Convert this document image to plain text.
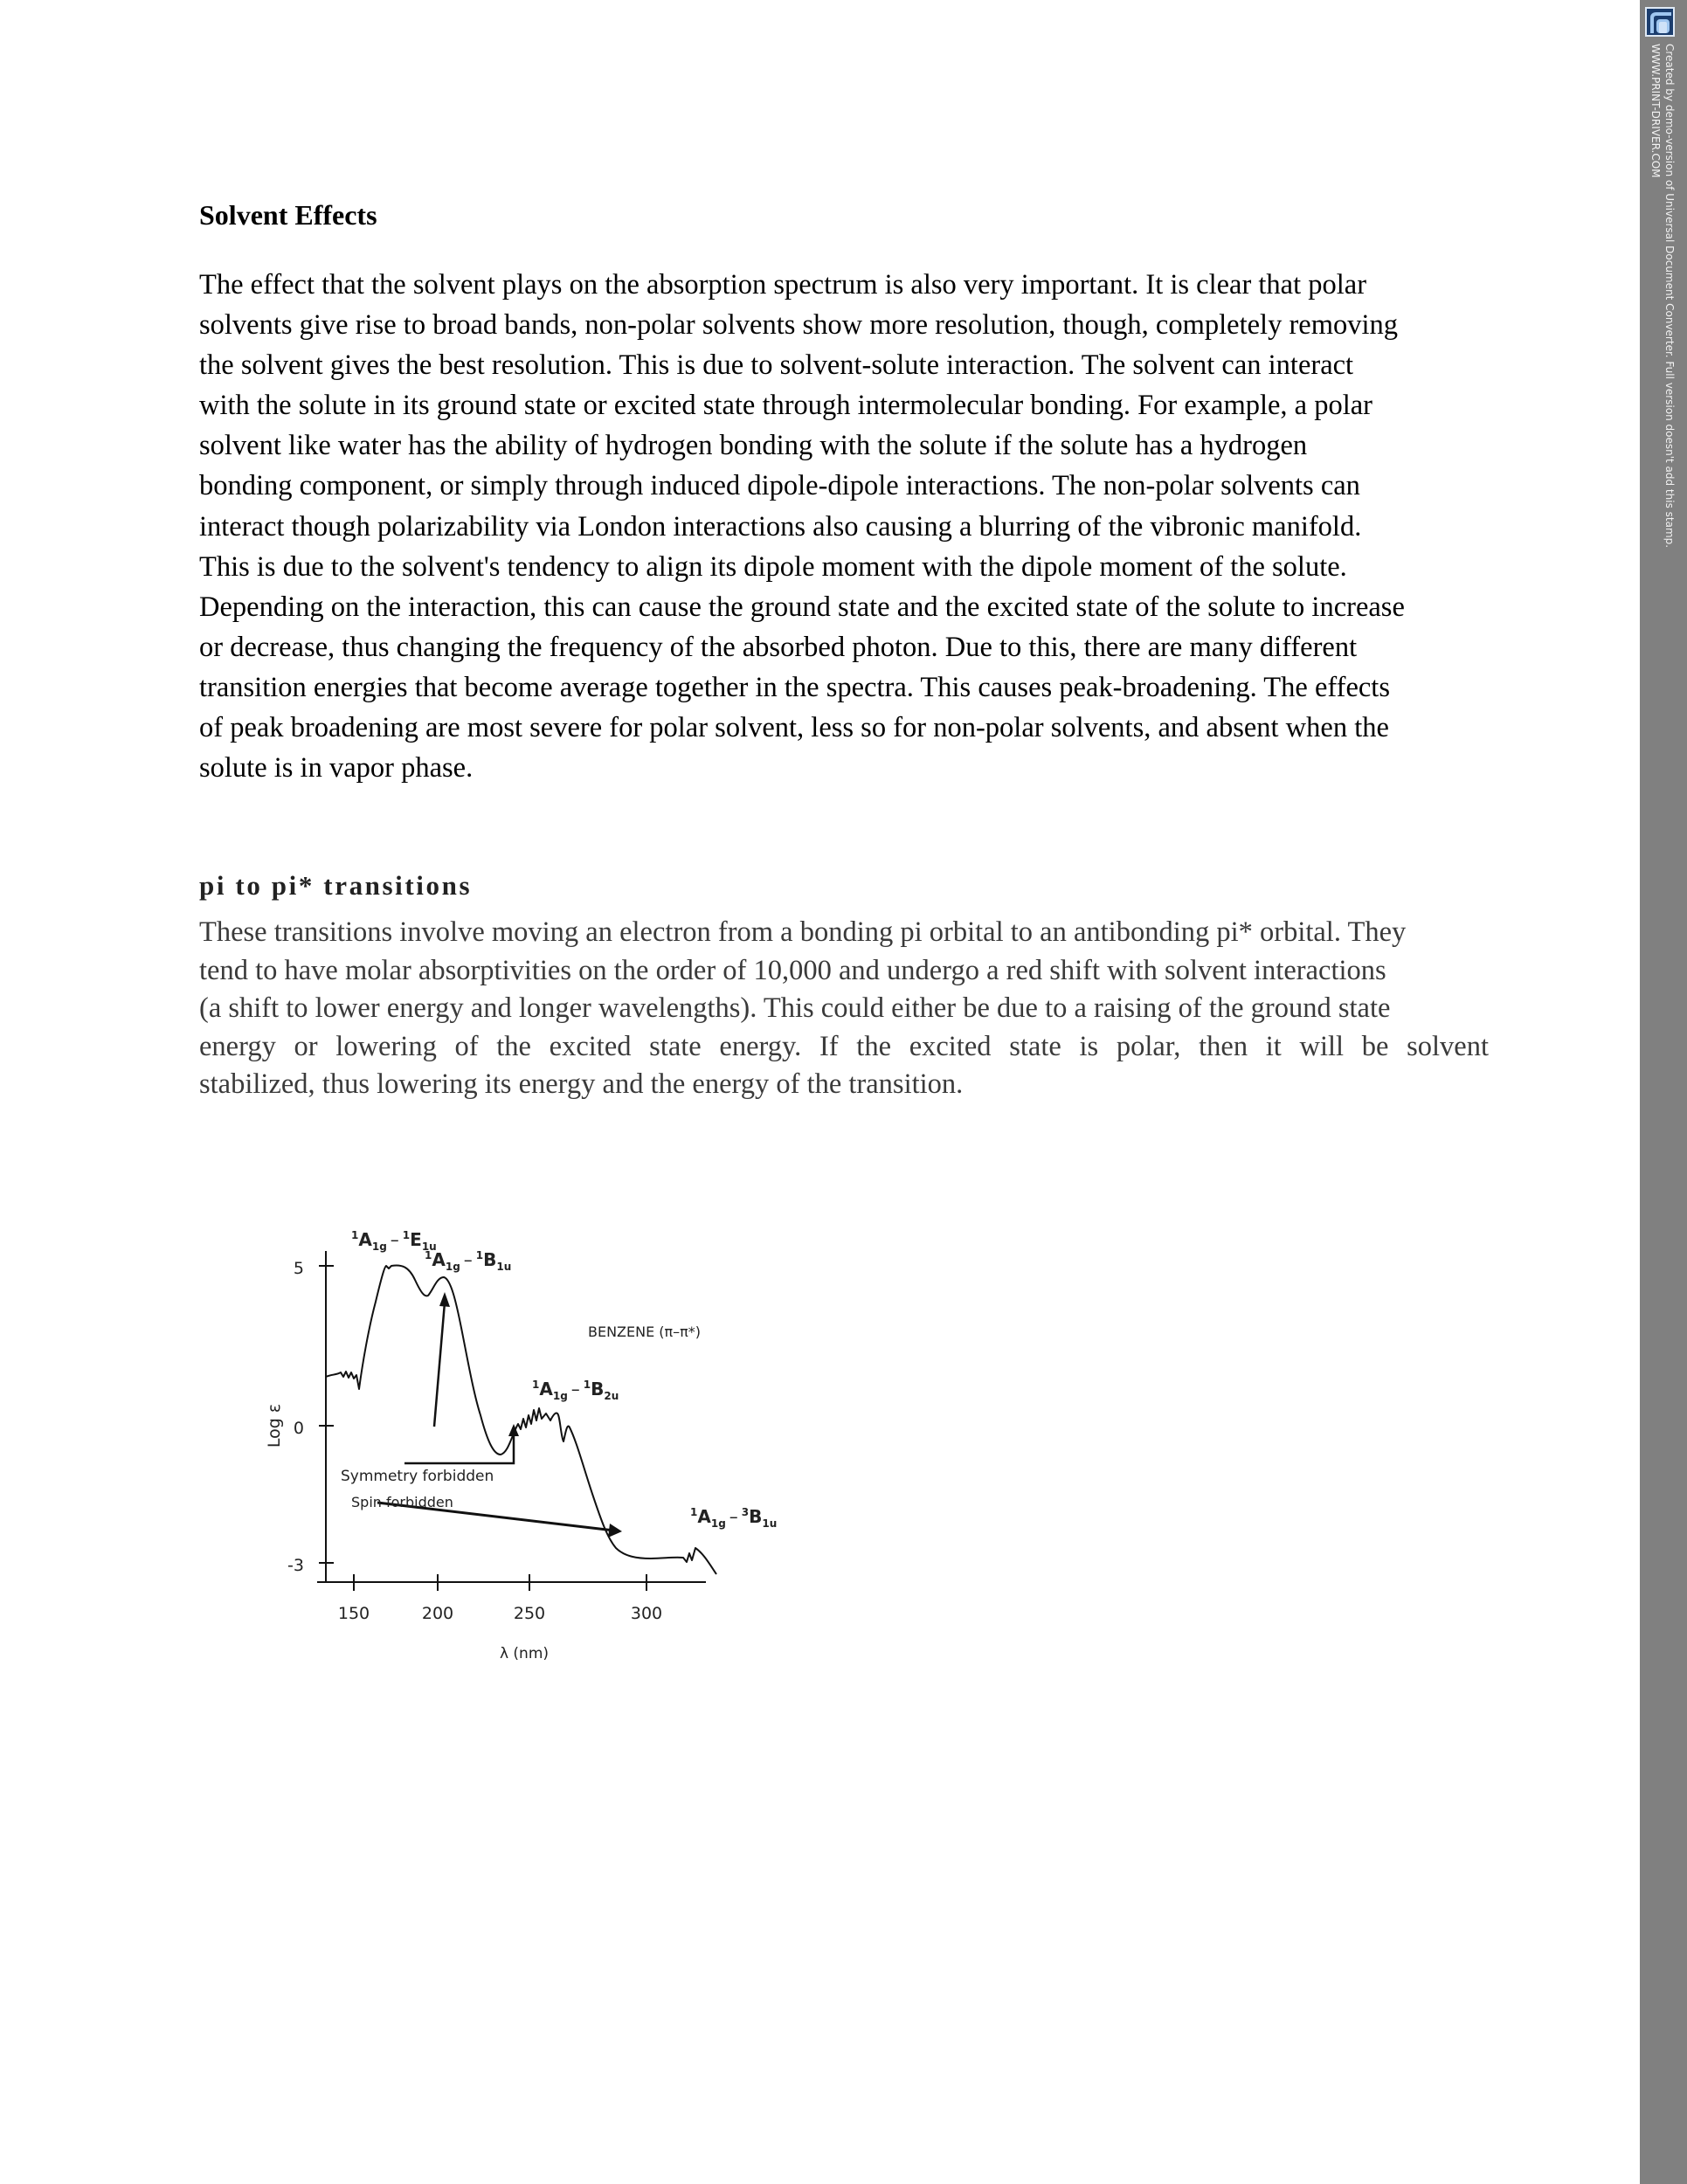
Solvent Effects

The effect that the solvent plays on the absorption spectrum is also very important. It is clear that polar
solvents give rise to broad bands, non-polar solvents show more resolution, though, completely removing
the solvent gives the best resolution. This is due to solvent-solute interaction. The solvent can interact
with the solute in its ground state or excited state through intermolecular bonding. For example, a polar
solvent like water has the ability of hydrogen bonding with the solute if the solute has a hydrogen
bonding component, or simply through induced dipole-dipole interactions. The non-polar solvents can
interact though polarizability via London interactions also causing a blurring of the vibronic manifold.
This is due to the solvent's tendency to align its dipole moment with the dipole moment of the solute.
Depending on the interaction, this can cause the ground state and the excited state of the solute to increase
or decrease, thus changing the frequency of the absorbed photon. Due to this, there are many different
transition energies that become average together in the spectra. This causes peak-broadening. The effects
of peak broadening are most severe for polar solvent, less so for non-polar solvents, and absent when the
solute is in vapor phase.

pi to pi* transitions

These transitions involve moving an electron from a bonding pi orbital to an antibonding pi* orbital. They
tend to have molar absorptivities on the order of 10,000 and undergo a red shift with solvent interactions
(a shift to lower energy and longer wavelengths). This could either be due to a raising of the ground state
energy or lowering of the excited state energy. If the excited state is polar, then it will be solvent
stabilized, thus lowering its energy and the energy of the transition.

5
0
-3
150	200	250	300
λ (nm)
Log ε
Symmetry forbidden
Spin forbidden
BENZENE (π–π*)
$^1A_{1g} - ^1E_{1u}$
$^1A_{1g} - ^1B_{1u}$
$^1A_{1g} - ^1B_{2u}$
$^1A_{1g} - ^3B_{1u}$
Created by demo-version of Universal Document Converter. Full version doesn't add this stamp.
WWW.PRINT-DRIVER.COM
